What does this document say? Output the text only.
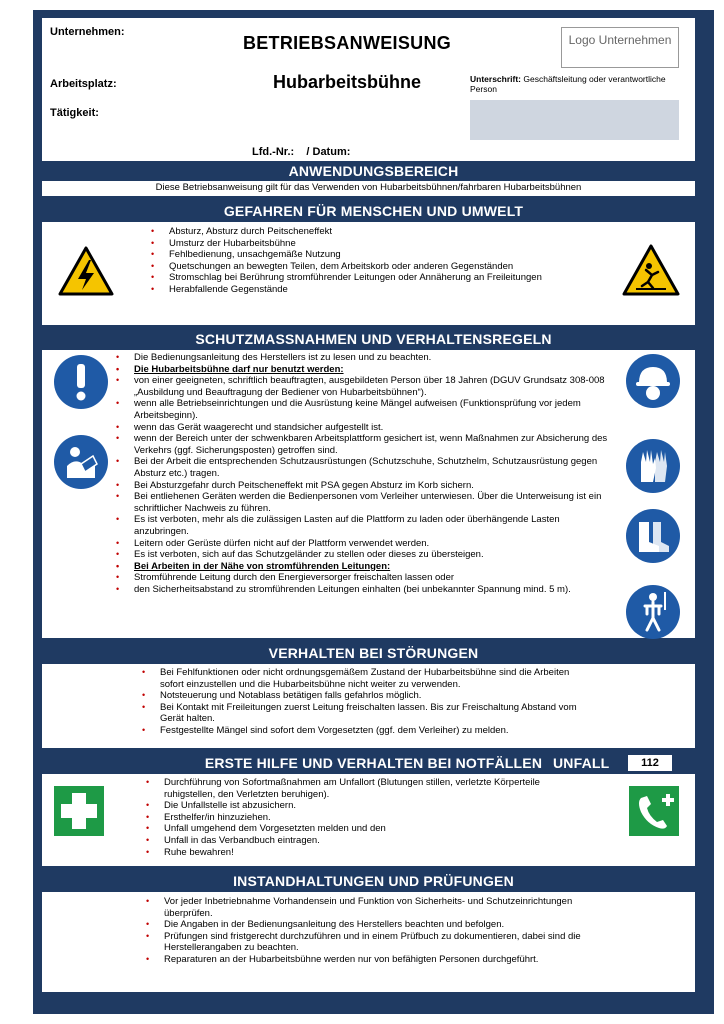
Unternehmen:
BETRIEBSANWEISUNG	Logo Unternehmen
Arbeitsplatz:	Hubarbeitsbühne	Unterschrift: Geschäftsleitung oder verantwortliche Person
Tätigkeit:
Lfd.-Nr.:    / Datum:
ANWENDUNGSBEREICH
Diese Betriebsanweisung gilt für das Verwenden von Hubarbeitsbühnen/fahrbaren Hubarbeitsbühnen
GEFAHREN FÜR MENSCHEN UND UMWELT
• Absturz, Absturz durch Peitscheneffekt
• Umsturz der Hubarbeitsbühne
• Fehlbedienung, unsachgemäße Nutzung
• Quetschungen an bewegten Teilen, dem Arbeitskorb oder anderen Gegenständen
• Stromschlag bei Berührung stromführender Leitungen oder Annäherung an Freileitungen
• Herabfallende Gegenstände
SCHUTZMASSNAHMEN UND VERHALTENSREGELN
• Die Bedienungsanleitung des Herstellers ist zu lesen und zu beachten.
• Die Hubarbeitsbühne darf nur benutzt werden:
• von einer geeigneten, schriftlich beauftragten, ausgebildeten Person über 18 Jahren (DGUV Grundsatz 308-008 „Ausbildung und Beauftragung der Bediener von Hubarbeitsbühnen“).
• wenn alle Betriebseinrichtungen und die Ausrüstung keine Mängel aufweisen (Funktionsprüfung vor jedem Arbeitsbeginn).
• wenn das Gerät waagerecht und standsicher aufgestellt ist.
• wenn der Bereich unter der schwenkbaren Arbeitsplattform gesichert ist, wenn Maßnahmen zur Absicherung des Verkehrs (ggf. Sicherungsposten) getroffen sind.
• Bei der Arbeit die entsprechenden Schutzausrüstungen (Schutzschuhe, Schutzhelm, Schutzausrüstung gegen Absturz etc.) tragen.
• Bei Absturzgefahr durch Peitscheneffekt mit PSA gegen Absturz im Korb sichern.
• Bei entliehenen Geräten werden die Bedienpersonen vom Verleiher unterwiesen. Über die Unterweisung ist ein schriftlicher Nachweis zu führen.
• Es ist verboten, mehr als die zulässigen Lasten auf die Plattform zu laden oder überhängende Lasten anzubringen.
• Leitern oder Gerüste dürfen nicht auf der Plattform verwendet werden.
• Es ist verboten, sich auf das Schutzgeländer zu stellen oder dieses zu übersteigen.
• Bei Arbeiten in der Nähe von stromführenden Leitungen:
• Stromführende Leitung durch den Energieversorger freischalten lassen oder
• den Sicherheitsabstand zu stromführenden Leitungen einhalten (bei unbekannter Spannung mind. 5 m).
VERHALTEN BEI STÖRUNGEN
• Bei Fehlfunktionen oder nicht ordnungsgemäßem Zustand der Hubarbeitsbühne sind die Arbeiten sofort einzustellen und die Hubarbeitsbühne nicht weiter zu verwenden.
• Notsteuerung und Notablass betätigen falls gefahrlos möglich.
• Bei Kontakt mit Freileitungen zuerst Leitung freischalten lassen. Bis zur Freischaltung Abstand vom Gerät halten.
• Festgestellte Mängel sind sofort dem Vorgesetzten (ggf. dem Verleiher) zu melden.
ERSTE HILFE UND VERHALTEN BEI NOTFÄLLEN UNFALL	112
• Durchführung von Sofortmaßnahmen am Unfallort (Blutungen stillen, verletzte Körperteile ruhigstellen, den Verletzten beruhigen).
• Die Unfallstelle ist abzusichern.
• Ersthelfer/in hinzuziehen.
• Unfall umgehend dem Vorgesetzten melden und den
• Unfall in das Verbandbuch eintragen.
• Ruhe bewahren!
INSTANDHALTUNGEN UND PRÜFUNGEN
• Vor jeder Inbetriebnahme Vorhandensein und Funktion von Sicherheits- und Schutzeinrichtungen überprüfen.
• Die Angaben in der Bedienungsanleitung des Herstellers beachten und befolgen.
• Prüfungen sind fristgerecht durchzuführen und in einem Prüfbuch zu dokumentieren, dabei sind die Herstellerangaben zu beachten.
• Reparaturen an der Hubarbeitsbühne werden nur von befähigten Personen durchgeführt.
